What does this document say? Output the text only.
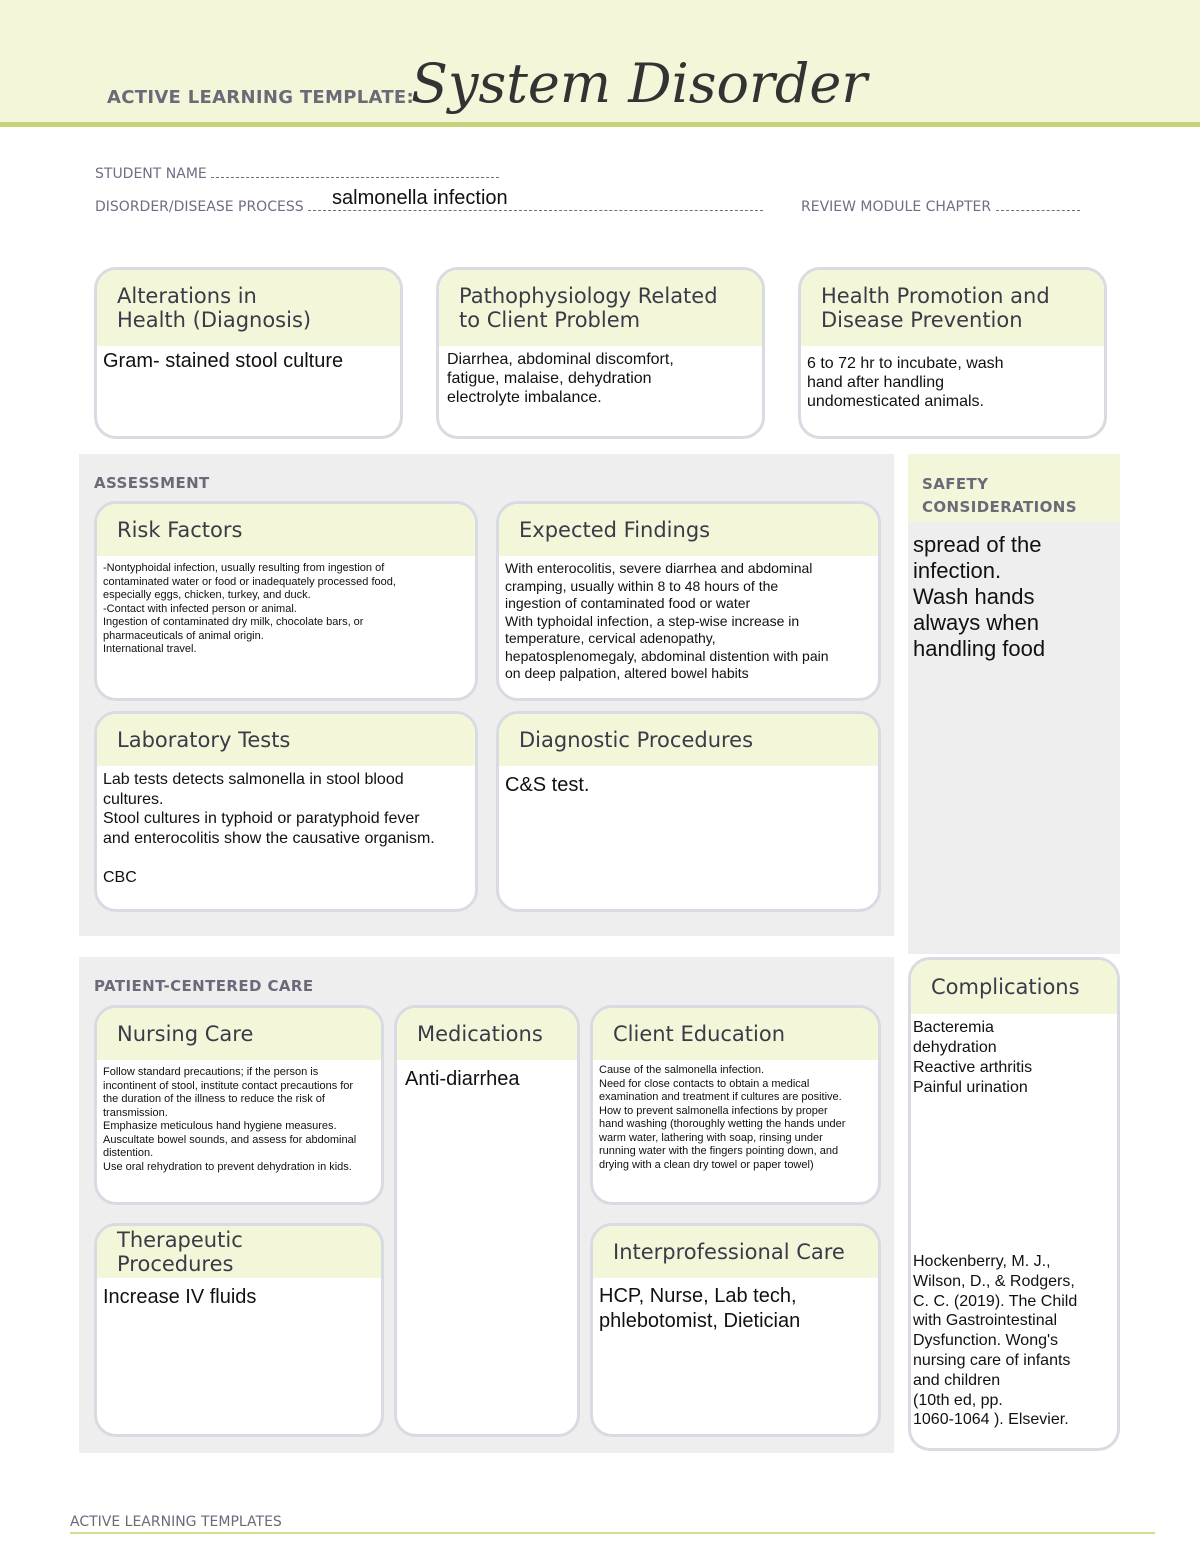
ACTIVE LEARNING TEMPLATE:
System Disorder
STUDENT NAME
DISORDER/DISEASE PROCESS	salmonella infection	REVIEW MODULE CHAPTER
Alterations in
Health (Diagnosis)
Gram- stained stool culture
Pathophysiology Related
to Client Problem
Diarrhea, abdominal discomfort,
fatigue, malaise, dehydration
electrolyte imbalance.
Health Promotion and
Disease Prevention
6 to 72 hr to incubate, wash
hand after handling
undomesticated animals.
ASSESSMENT
Risk Factors
-Nontyphoidal infection, usually resulting from ingestion of
contaminated water or food or inadequately processed food,
especially eggs, chicken, turkey, and duck.
-Contact with infected person or animal.
Ingestion of contaminated dry milk, chocolate bars, or
pharmaceuticals of animal origin.
International travel.
Expected Findings
With enterocolitis, severe diarrhea and abdominal
cramping, usually within 8 to 48 hours of the
ingestion of contaminated food or water
With typhoidal infection, a step-wise increase in
temperature, cervical adenopathy,
hepatosplenomegaly, abdominal distention with pain
on deep palpation, altered bowel habits
Laboratory Tests
Lab tests detects salmonella in stool blood
cultures.
Stool cultures in typhoid or paratyphoid fever
and enterocolitis show the causative organism.

CBC
Diagnostic Procedures
C&S test.
SAFETY
CONSIDERATIONS
spread of the
infection.
Wash hands
always when
handling food
PATIENT-CENTERED CARE
Nursing Care
Follow standard precautions; if the person is
incontinent of stool, institute contact precautions for
the duration of the illness to reduce the risk of
transmission.
Emphasize meticulous hand hygiene measures.
Auscultate bowel sounds, and assess for abdominal
distention.
Use oral rehydration to prevent dehydration in kids.
Medications
Anti-diarrhea
Client Education
Cause of the salmonella infection.
Need for close contacts to obtain a medical
examination and treatment if cultures are positive.
How to prevent salmonella infections by proper
hand washing (thoroughly wetting the hands under
warm water, lathering with soap, rinsing under
running water with the fingers pointing down, and
drying with a clean dry towel or paper towel)
Therapeutic Procedures
Increase IV fluids
Interprofessional Care
HCP, Nurse, Lab tech,
phlebotomist, Dietician
Complications
Bacteremia
dehydration
Reactive arthritis
Painful urination
Hockenberry, M. J.,
Wilson, D., & Rodgers,
C. C. (2019). The Child
with Gastrointestinal
Dysfunction. Wong's
nursing care of infants
and children
(10th ed, pp.
1060-1064 ). Elsevier.
ACTIVE LEARNING TEMPLATES
